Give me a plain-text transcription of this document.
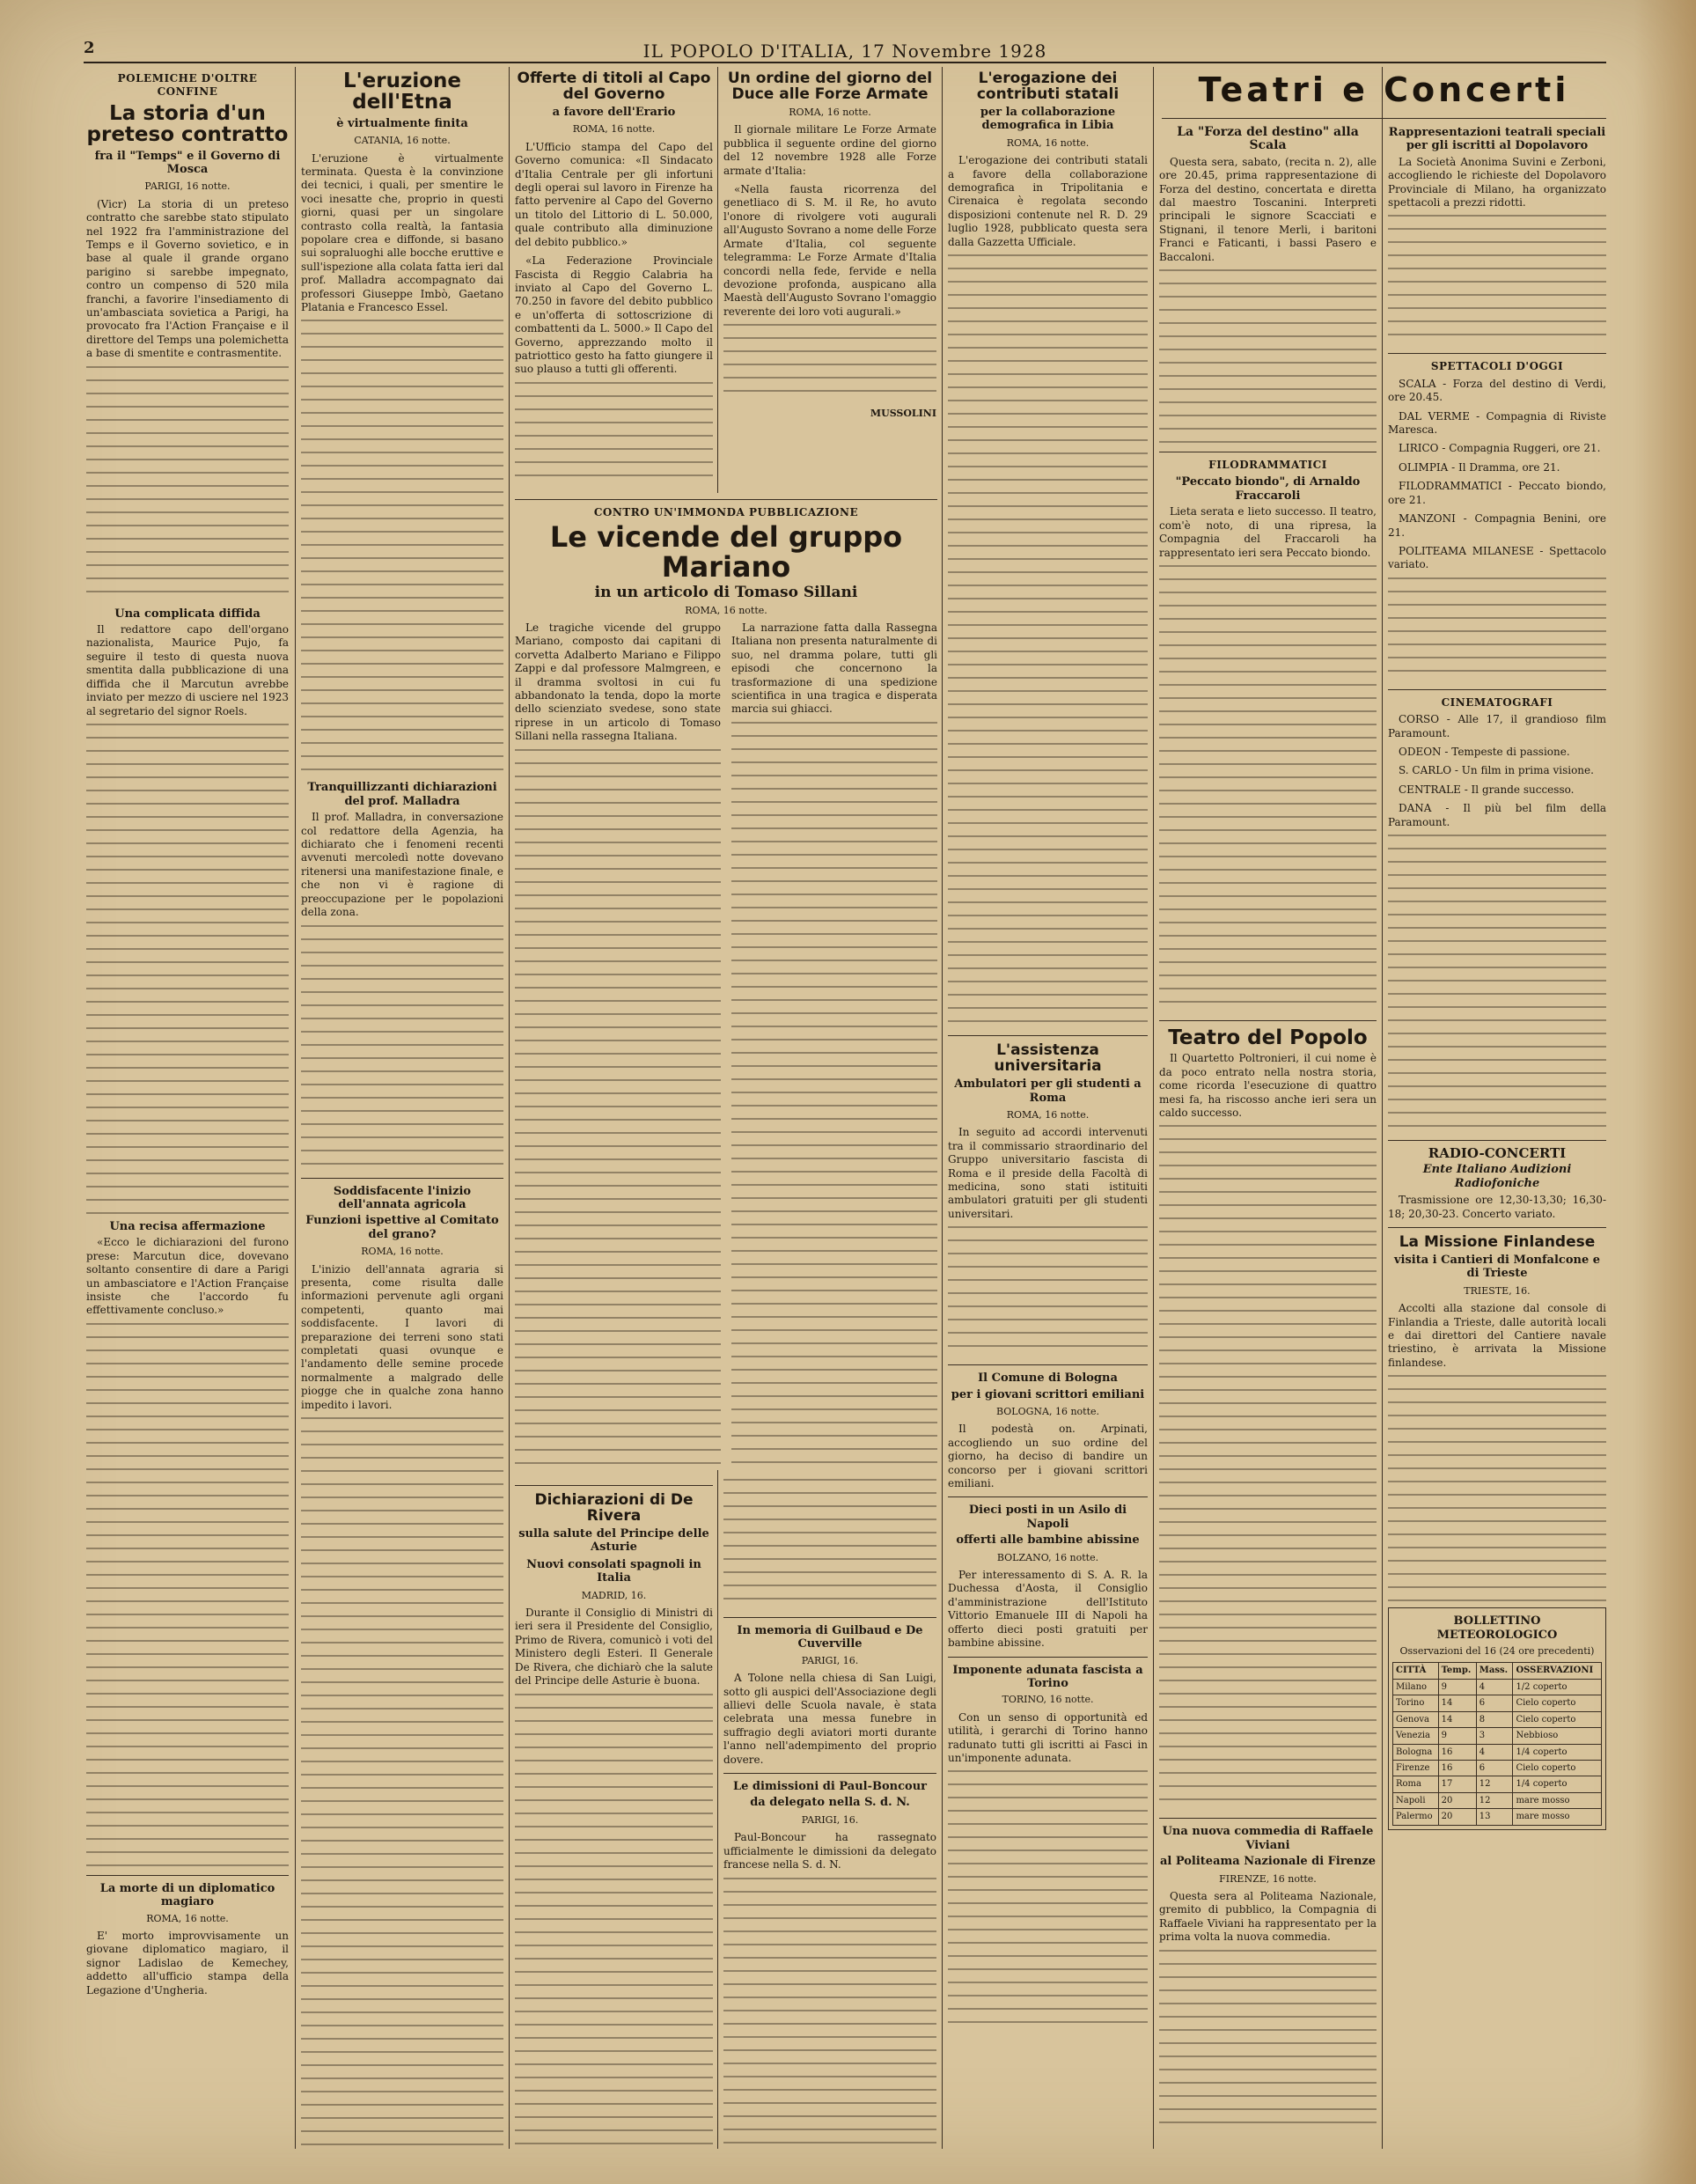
2	IL POPOLO D'ITALIA, 17 Novembre 1928
POLEMICHE D'OLTRE CONFINE
La storia d'un preteso contratto
fra il "Temps" e il Governo di Mosca
PARIGI, 16 notte.

(Vicr) La storia di un preteso contratto che sarebbe stato stipulato nel 1922 fra l'amministrazione del Temps e il Governo sovietico, e in base al quale il grande organo parigino si sarebbe impegnato, contro un compenso di 520 mila franchi, a favorire l'insediamento di un'ambasciata sovietica a Parigi, ha provocato fra l'Action Française e il direttore del Temps una polemichetta a base di smentite e contrasmentite.

Una complicata diffida

Il redattore capo dell'organo nazionalista, Maurice Pujo, fa seguire il testo di questa nuova smentita dalla pubblicazione di una diffida che il Marcutun avrebbe inviato per mezzo di usciere nel 1923 al segretario del signor Roels.

Una recisa affermazione

«Ecco le dichiarazioni del furono prese: Marcutun dice, dovevano soltanto consentire di dare a Parigi un ambasciatore e l'Action Française insiste che l'accordo fu effettivamente concluso.»

La morte di un diplomatico magiaro
ROMA, 16 notte.

E' morto improvvisamente un giovane diplomatico magiaro, il signor Ladislao de Kemechey, addetto all'ufficio stampa della Legazione d'Ungheria.

L'eruzione dell'Etna
è virtualmente finita
CATANIA, 16 notte.

L'eruzione è virtualmente terminata. Questa è la convinzione dei tecnici, i quali, per smentire le voci inesatte che, proprio in questi giorni, quasi per un singolare contrasto colla realtà, la fantasia popolare crea e diffonde, si basano sui sopraluoghi alle bocche eruttive e sull'ispezione alla colata fatta ieri dal prof. Malladra accompagnato dai professori Giuseppe Imbò, Gaetano Platania e Francesco Essel.

Tranquillizzanti dichiarazioni del prof. Malladra

Il prof. Malladra, in conversazione col redattore della Agenzia, ha dichiarato che i fenomeni recenti avvenuti mercoledì notte dovevano ritenersi una manifestazione finale, e che non vi è ragione di preoccupazione per le popolazioni della zona.

Soddisfacente l'inizio dell'annata agricola
Funzioni ispettive al Comitato del grano?
ROMA, 16 notte.

L'inizio dell'annata agraria si presenta, come risulta dalle informazioni pervenute agli organi competenti, quanto mai soddisfacente. I lavori di preparazione dei terreni sono stati completati quasi ovunque e l'andamento delle semine procede normalmente a malgrado delle piogge che in qualche zona hanno impedito i lavori.

Offerte di titoli al Capo del Governo
a favore dell'Erario
ROMA, 16 notte.

L'Ufficio stampa del Capo del Governo comunica: «Il Sindacato d'Italia Centrale per gli infortuni degli operai sul lavoro in Firenze ha fatto pervenire al Capo del Governo un titolo del Littorio di L. 50.000, quale contributo alla diminuzione del debito pubblico.»

«La Federazione Provinciale Fascista di Reggio Calabria ha inviato al Capo del Governo L. 70.250 in favore del debito pubblico e un'offerta di sottoscrizione di combattenti da L. 5000.» Il Capo del Governo, apprezzando molto il patriottico gesto ha fatto giungere il suo plauso a tutti gli offerenti.

Un ordine del giorno del Duce alle Forze Armate
ROMA, 16 notte.

Il giornale militare Le Forze Armate pubblica il seguente ordine del giorno del 12 novembre 1928 alle Forze armate d'Italia:

«Nella fausta ricorrenza del genetliaco di S. M. il Re, ho avuto l'onore di rivolgere voti augurali all'Augusto Sovrano a nome delle Forze Armate d'Italia, col seguente telegramma: Le Forze Armate d'Italia concordi nella fede, fervide e nella devozione profonda, auspicano alla Maestà dell'Augusto Sovrano l'omaggio reverente dei loro voti augurali.»

MUSSOLINI
CONTRO UN'IMMONDA PUBBLICAZIONE
Le vicende del gruppo Mariano
in un articolo di Tomaso Sillani
ROMA, 16 notte.

Le tragiche vicende del gruppo Mariano, composto dai capitani di corvetta Adalberto Mariano e Filippo Zappi e dal professore Malmgreen, e il dramma svoltosi in cui fu abbandonato la tenda, dopo la morte dello scienziato svedese, sono state riprese in un articolo di Tomaso Sillani nella rassegna Italiana.

La narrazione fatta dalla Rassegna Italiana non presenta naturalmente di suo, nel dramma polare, tutti gli episodi che concernono la trasformazione di una spedizione scientifica in una tragica e disperata marcia sui ghiacci.

Dichiarazioni di De Rivera
sulla salute del Principe delle Asturie
Nuovi consolati spagnoli in Italia
MADRID, 16.

Durante il Consiglio di Ministri di ieri sera il Presidente del Consiglio, Primo de Rivera, comunicò i voti del Ministero degli Esteri. Il Generale De Rivera, che dichiarò che la salute del Principe delle Asturie è buona.

In memoria di Guilbaud e De Cuverville
PARIGI, 16.

A Tolone nella chiesa di San Luigi, sotto gli auspici dell'Associazione degli allievi delle Scuola navale, è stata celebrata una messa funebre in suffragio degli aviatori morti durante l'anno nell'adempimento del proprio dovere.

Le dimissioni di Paul-Boncour
da delegato nella S. d. N.
PARIGI, 16.

Paul-Boncour ha rassegnato ufficialmente le dimissioni da delegato francese nella S. d. N.

L'erogazione dei contributi statali
per la collaborazione demografica in Libia
ROMA, 16 notte.

L'erogazione dei contributi statali a favore della collaborazione demografica in Tripolitania e Cirenaica è regolata secondo disposizioni contenute nel R. D. 29 luglio 1928, pubblicato questa sera dalla Gazzetta Ufficiale.

L'assistenza universitaria
Ambulatori per gli studenti a Roma
ROMA, 16 notte.

In seguito ad accordi intervenuti tra il commissario straordinario del Gruppo universitario fascista di Roma e il preside della Facoltà di medicina, sono stati istituiti ambulatori gratuiti per gli studenti universitari.

Il Comune di Bologna
per i giovani scrittori emiliani
BOLOGNA, 16 notte.

Il podestà on. Arpinati, accogliendo un suo ordine del giorno, ha deciso di bandire un concorso per i giovani scrittori emiliani.

Dieci posti in un Asilo di Napoli
offerti alle bambine abissine
BOLZANO, 16 notte.

Per interessamento di S. A. R. la Duchessa d'Aosta, il Consiglio d'amministrazione dell'Istituto Vittorio Emanuele III di Napoli ha offerto dieci posti gratuiti per bambine abissine.

Imponente adunata fascista a Torino
TORINO, 16 notte.

Con un senso di opportunità ed utilità, i gerarchi di Torino hanno radunato tutti gli iscritti ai Fasci in un'imponente adunata.

Teatri e Concerti
La "Forza del destino" alla Scala

Questa sera, sabato, (recita n. 2), alle ore 20.45, prima rappresentazione di Forza del destino, concertata e diretta dal maestro Toscanini. Interpreti principali le signore Scacciati e Stignani, il tenore Merli, i baritoni Franci e Faticanti, i bassi Pasero e Baccaloni.

FILODRAMMATICI
"Peccato biondo", di Arnaldo Fraccaroli

Lieta serata e lieto successo. Il teatro, com'è noto, di una ripresa, la Compagnia del Fraccaroli ha rappresentato ieri sera Peccato biondo.

Teatro del Popolo

Il Quartetto Poltronieri, il cui nome è da poco entrato nella nostra storia, come ricorda l'esecuzione di quattro mesi fa, ha riscosso anche ieri sera un caldo successo.

Una nuova commedia di Raffaele Viviani
al Politeama Nazionale di Firenze
FIRENZE, 16 notte.

Questa sera al Politeama Nazionale, gremito di pubblico, la Compagnia di Raffaele Viviani ha rappresentato per la prima volta la nuova commedia.

Rappresentazioni teatrali speciali per gli iscritti al Dopolavoro

La Società Anonima Suvini e Zerboni, accogliendo le richieste del Dopolavoro Provinciale di Milano, ha organizzato spettacoli a prezzi ridotti.

SPETTACOLI D'OGGI
SCALA - Forza del destino di Verdi, ore 20.45.
DAL VERME - Compagnia di Riviste Maresca.
LIRICO - Compagnia Ruggeri, ore 21.
OLIMPIA - Il Dramma, ore 21.
FILODRAMMATICI - Peccato biondo, ore 21.
MANZONI - Compagnia Benini, ore 21.
POLITEAMA MILANESE - Spettacolo variato.
CINEMATOGRAFI
CORSO - Alle 17, il grandioso film Paramount.
ODEON - Tempeste di passione.
S. CARLO - Un film in prima visione.
CENTRALE - Il grande successo.
DANA - Il più bel film della Paramount.
RADIO-CONCERTI
Ente Italiano Audizioni Radiofoniche

Trasmissione ore 12,30-13,30; 16,30-18; 20,30-23. Concerto variato.

La Missione Finlandese
visita i Cantieri di Monfalcone e di Trieste
TRIESTE, 16.

Accolti alla stazione dal console di Finlandia a Trieste, dalle autorità locali e dai direttori del Cantiere navale triestino, è arrivata la Missione finlandese.

BOLLETTINO METEOROLOGICO
Osservazioni del 16 (24 ore precedenti)
CITTÀ	Temp.	Mass.	OSSERVAZIONI
Milano	9	4	1/2 coperto
Torino	14	6	Cielo coperto
Genova	14	8	Cielo coperto
Venezia	9	3	Nebbioso
Bologna	16	4	1/4 coperto
Firenze	16	6	Cielo coperto
Roma	17	12	1/4 coperto
Napoli	20	12	mare mosso
Palermo	20	13	mare mosso
